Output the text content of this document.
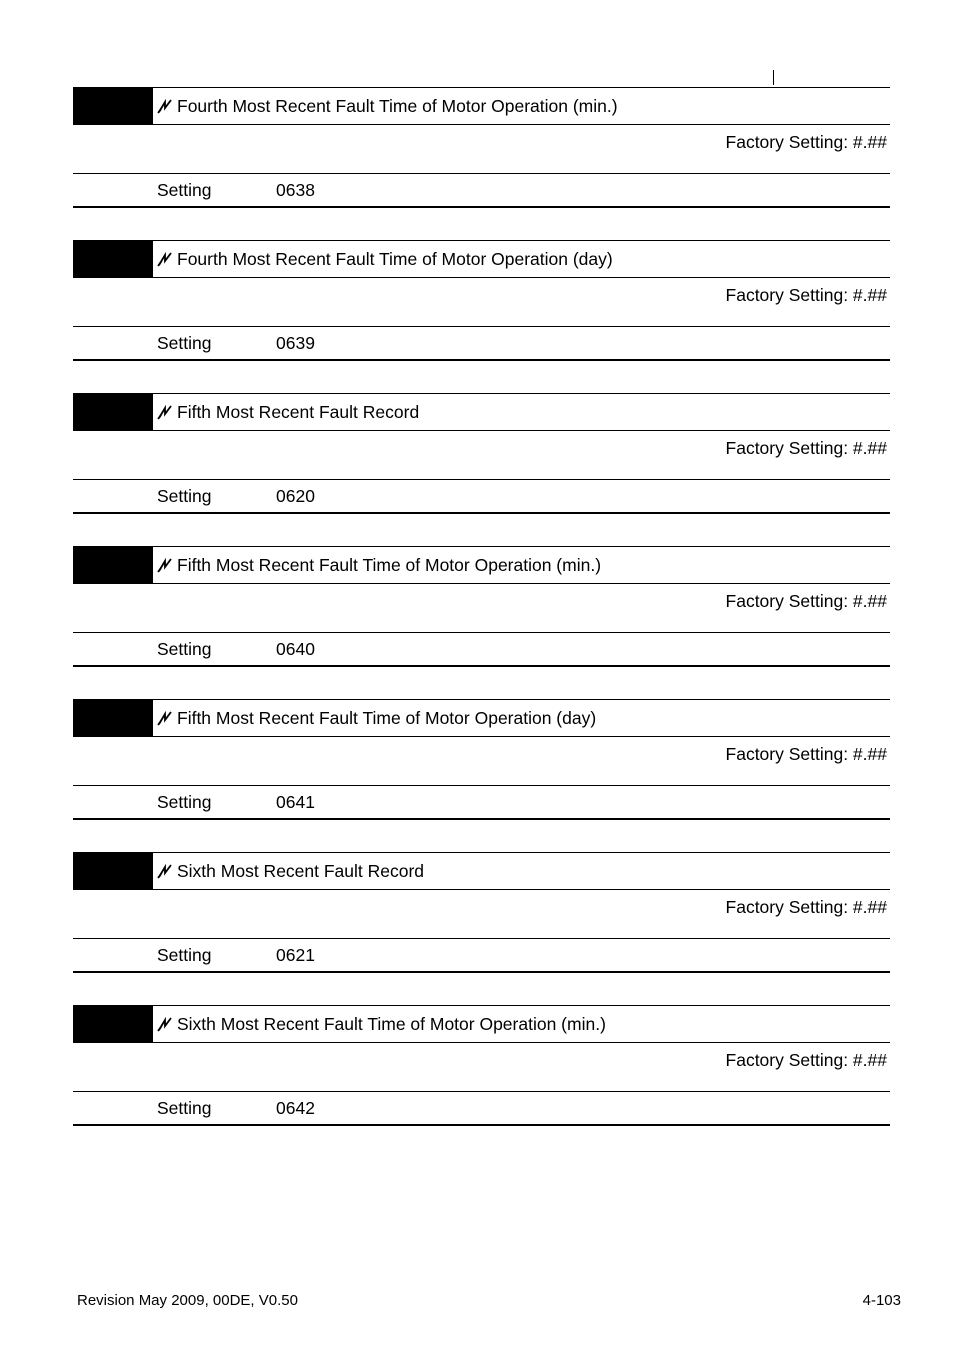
Fourth Most Recent Fault Time of Motor Operation (min.)
Factory Setting: #.##
Setting	0638
Fourth Most Recent Fault Time of Motor Operation (day)
Factory Setting: #.##
Setting	0639
Fifth Most Recent Fault Record
Factory Setting: #.##
Setting	0620
Fifth Most Recent Fault Time of Motor Operation (min.)
Factory Setting: #.##
Setting	0640
Fifth Most Recent Fault Time of Motor Operation (day)
Factory Setting: #.##
Setting	0641
Sixth Most Recent Fault Record
Factory Setting: #.##
Setting	0621
Sixth Most Recent Fault Time of Motor Operation (min.)
Factory Setting: #.##
Setting	0642
Revision May 2009, 00DE, V0.50	4-103
